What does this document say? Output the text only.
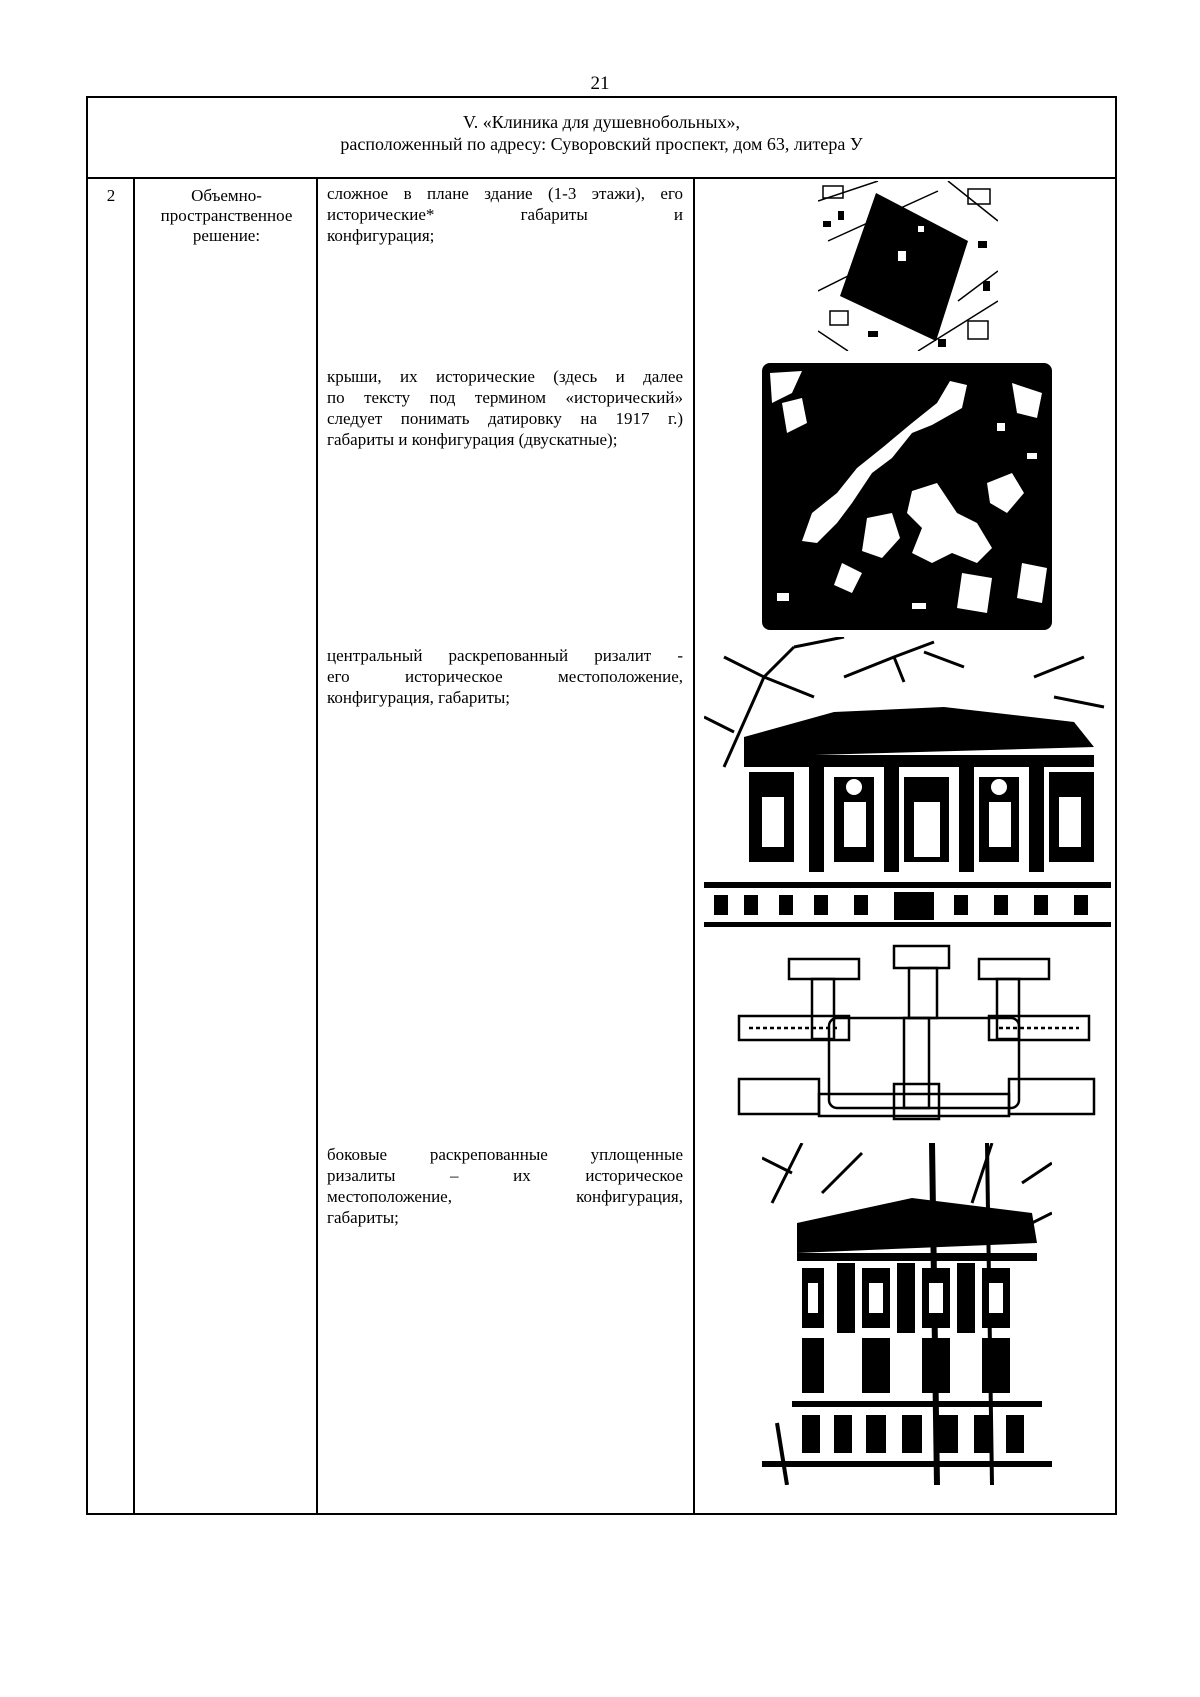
21
V. «Клиника для душевнобольных»,
расположенный по адресу: Суворовский проспект, дом 63, литера У
2	Объемно-
пространственное
решение:
сложное в плане здание (1-3 этажи), его
исторические* габариты и
конфигурация;
крыши, их исторические (здесь и далее
по тексту под термином «исторический»
следует понимать датировку на 1917 г.)
габариты и конфигурация (двускатные);
центральный раскрепованный ризалит -
его историческое местоположение,
конфигурация, габариты;
боковые раскрепованные уплощенные
ризалиты – их историческое
местоположение, конфигурация,
габариты;
